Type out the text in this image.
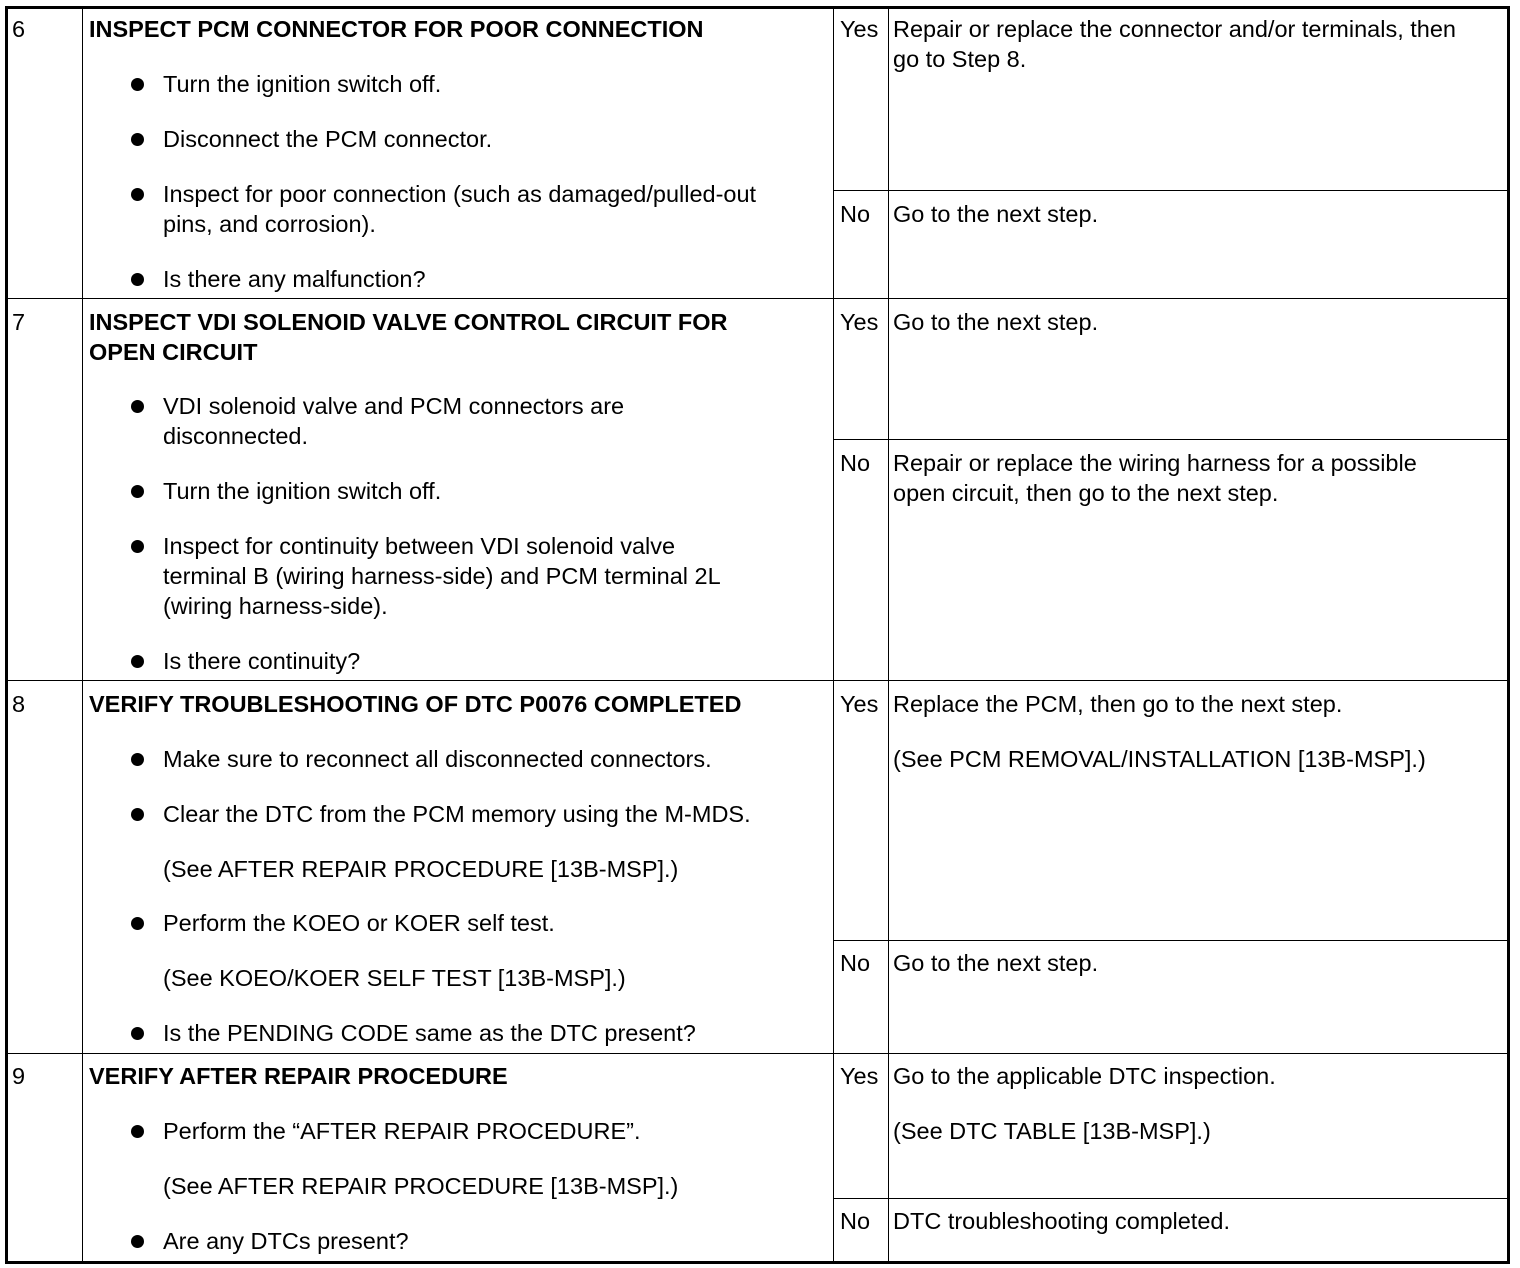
6	INSPECT PCM CONNECTOR FOR POOR CONNECTION
Turn the ignition switch off.
Disconnect the PCM connector.
Inspect for poor connection (such as damaged/pulled-out
pins, and corrosion).
Is there any malfunction?
Yes Repair or replace the connector and/or terminals, then
go to Step 8.
No Go to the next step.
7	INSPECT VDI SOLENOID VALVE CONTROL CIRCUIT FOR
OPEN CIRCUIT
VDI solenoid valve and PCM connectors are
disconnected.
Turn the ignition switch off.
Inspect for continuity between VDI solenoid valve
terminal B (wiring harness-side) and PCM terminal 2L
(wiring harness-side).
Is there continuity?
Yes Go to the next step.
No Repair or replace the wiring harness for a possible
open circuit, then go to the next step.
8	VERIFY TROUBLESHOOTING OF DTC P0076 COMPLETED
Make sure to reconnect all disconnected connectors.
Clear the DTC from the PCM memory using the M-MDS.
(See AFTER REPAIR PROCEDURE [13B-MSP].)
Perform the KOEO or KOER self test.
(See KOEO/KOER SELF TEST [13B-MSP].)
Is the PENDING CODE same as the DTC present?
Yes Replace the PCM, then go to the next step.
(See PCM REMOVAL/INSTALLATION [13B-MSP].)
No Go to the next step.
9	VERIFY AFTER REPAIR PROCEDURE
Perform the “AFTER REPAIR PROCEDURE”.
(See AFTER REPAIR PROCEDURE [13B-MSP].)
Are any DTCs present?
Yes Go to the applicable DTC inspection.
(See DTC TABLE [13B-MSP].)
No DTC troubleshooting completed.
